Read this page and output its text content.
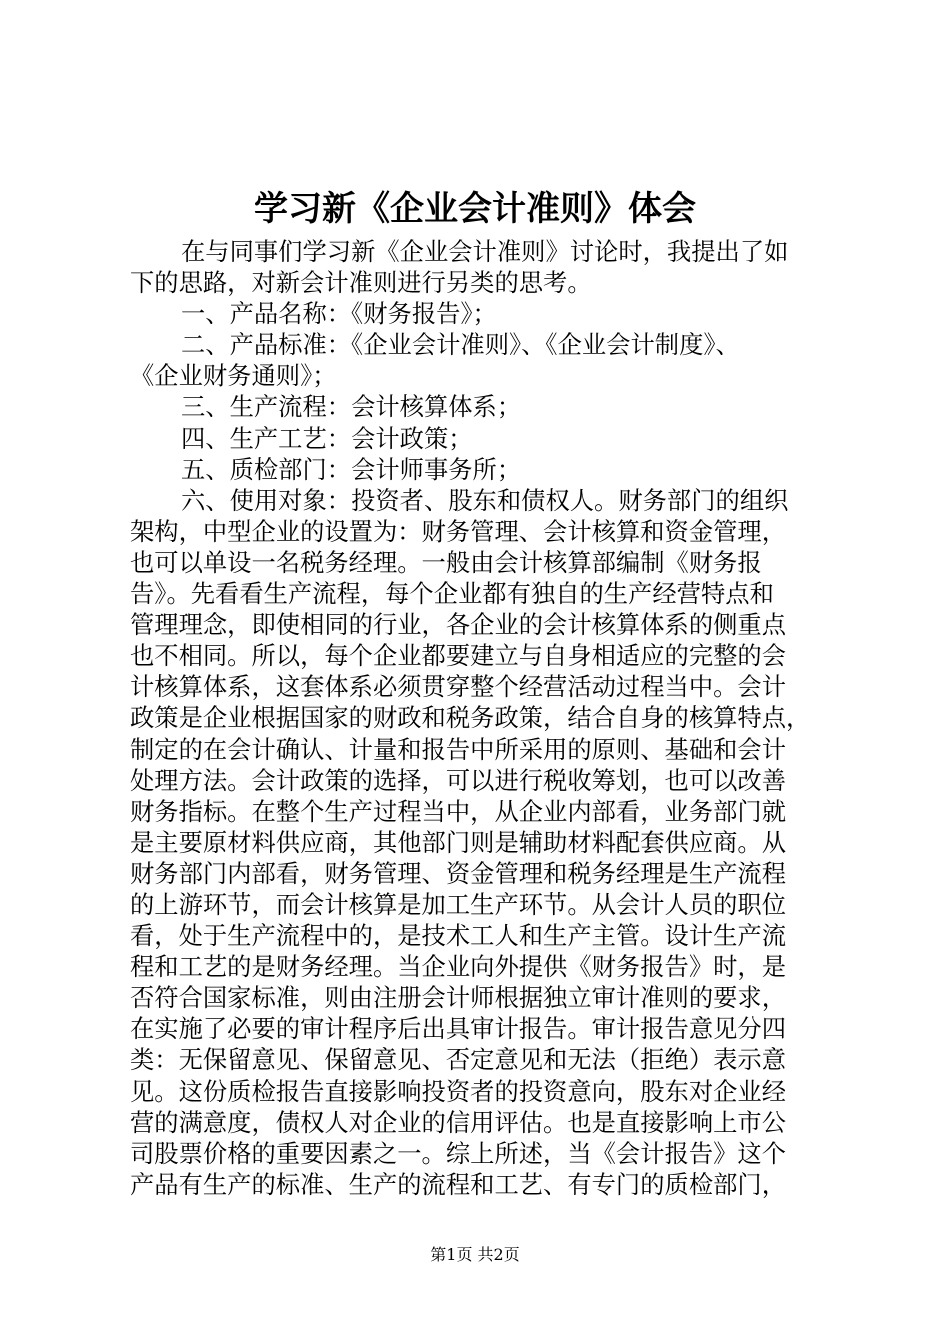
学习新《企业会计准则》体会
在与同事们学习新《企业会计准则》讨论时，我提出了如
下的思路，对新会计准则进行另类的思考。
一、产品名称：《财务报告》；
二、产品标准：《企业会计准则》、《企业会计制度》、
《企业财务通则》；
三、生产流程：会计核算体系；
四、生产工艺：会计政策；
五、质检部门：会计师事务所；
六、使用对象：投资者、股东和债权人。财务部门的组织
架构，中型企业的设置为：财务管理、会计核算和资金管理，
也可以单设一名税务经理。一般由会计核算部编制《财务报
告》。先看看生产流程，每个企业都有独自的生产经营特点和
管理理念，即使相同的行业，各企业的会计核算体系的侧重点
也不相同。所以，每个企业都要建立与自身相适应的完整的会
计核算体系，这套体系必须贯穿整个经营活动过程当中。会计
政策是企业根据国家的财政和税务政策，结合自身的核算特点，
制定的在会计确认、计量和报告中所采用的原则、基础和会计
处理方法。会计政策的选择，可以进行税收筹划，也可以改善
财务指标。在整个生产过程当中，从企业内部看，业务部门就
是主要原材料供应商，其他部门则是辅助材料配套供应商。从
财务部门内部看，财务管理、资金管理和税务经理是生产流程
的上游环节，而会计核算是加工生产环节。从会计人员的职位
看，处于生产流程中的，是技术工人和生产主管。设计生产流
程和工艺的是财务经理。当企业向外提供《财务报告》时，是
否符合国家标准，则由注册会计师根据独立审计准则的要求，
在实施了必要的审计程序后出具审计报告。审计报告意见分四
类：无保留意见、保留意见、否定意见和无法（拒绝）表示意
见。这份质检报告直接影响投资者的投资意向，股东对企业经
营的满意度，债权人对企业的信用评估。也是直接影响上市公
司股票价格的重要因素之一。综上所述，当《会计报告》这个
产品有生产的标准、生产的流程和工艺、有专门的质检部门，
第1页 共2页
